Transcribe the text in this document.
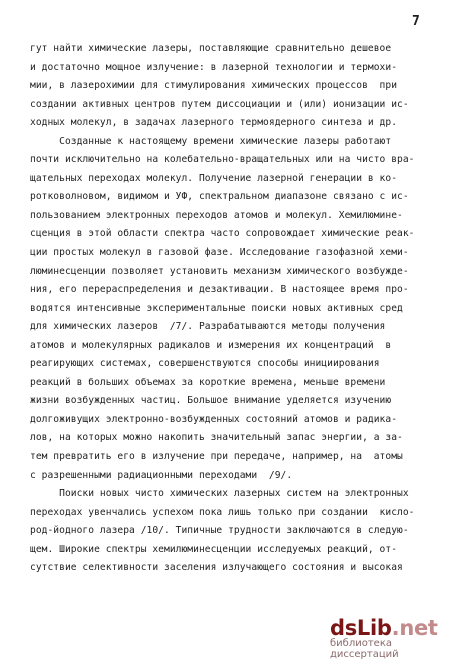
7
гут найти химические лазеры, поставляющие сравнительно дешевое
и достаточно мощное излучение: в лазерной технологии и термохи-
мии, в лазерохимии для стимулирования химических процессов  при
создании активных центров путем диссоциации и (или) ионизации ис-
ходных молекул, в задачах лазерного термоядерного синтеза и др.
Созданные к настоящему времени химические лазеры работают
почти исключительно на колебательно-вращательных или на чисто вра-
щательных переходах молекул. Получение лазерной генерации в ко-
ротковолновом, видимом и УФ, спектральном диапазоне связано с ис-
пользованием электронных переходов атомов и молекул. Хемилюмине-
сценция в этой области спектра часто сопровождает химические реак-
ции простых молекул в газовой фазе. Исследование газофазной хеми-
люминесценции позволяет установить механизм химического возбужде-
ния, его перераспределения и дезактивации. В настоящее время про-
водятся интенсивные экспериментальные поиски новых активных сред
для химических лазеров  /7/. Разрабатываются методы получения
атомов и молекулярных радикалов и измерения их концентраций  в
реагирующих системах, совершенствуются способы инициирования
реакций в больших объемах за короткие времена, меньше времени
жизни возбужденных частиц. Большое внимание уделяется изучению
долгоживущих электронно-возбужденных состояний атомов и радика-
лов, на которых можно накопить значительный запас энергии, а за-
тем превратить его в излучение при передаче, например, на  атомы
с разрешенными радиационными переходами  /9/.
Поиски новых чисто химических лазерных систем на электронных
переходах увенчались успехом пока лишь только при создании  кисло-
род-йодного лазера /10/. Типичные трудности заключаются в следую-
щем. Широкие спектры хемилюминесценции исследуемых реакций, от-
сутствие селективности заселения излучающего состояния и высокая
dsLib.net
библиотека диссертаций
